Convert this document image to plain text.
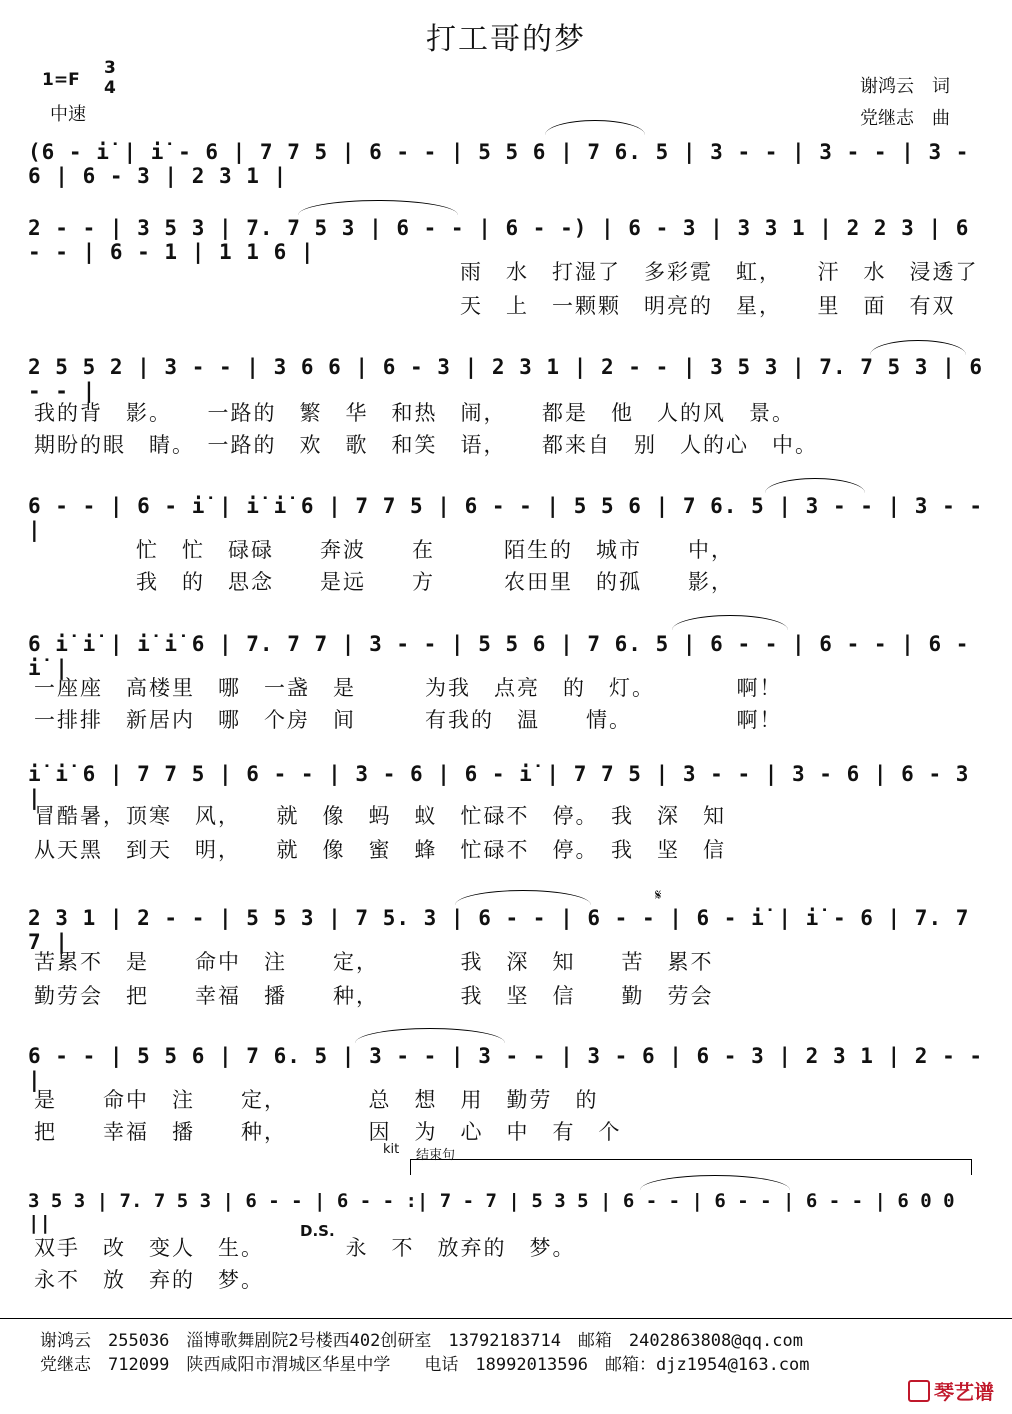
打工哥的梦
1=F
3
4
中速
谢鸿云　词
党继志　曲
(6 - i̇ | i̇ - 6 | 7 7 5 | 6 - - | 5 5 6 | 7 6. 5 | 3 - - | 3 - - | 3 - 6 | 6 - 3 | 2 3 1 |
2 - - | 3 5 3 | 7. 7 5 3 | 6 - - | 6 - -) | 6 - 3 | 3 3 1 | 2 2 3 | 6 - - | 6 - 1 | 1 1 6 |
雨　水　打湿了　多彩霓　虹，　　汗　水　浸透了
天　上　一颗颗　明亮的　星，　　里　面　有双
2 5 5 2 | 3 - - | 3 6 6 | 6 - 3 | 2 3 1 | 2 - - | 3 5 3 | 7. 7 5 3 | 6 - - |
我的背　影。　　一路的　繁　华　和热　闹，　　都是　他　人的风　景。
期盼的眼　睛。　一路的　欢　歌　和笑　语，　　都来自　别　人的心　中。
6 - - | 6 - i̇ | i̇ i̇ 6 | 7 7 5 | 6 - - | 5 5 6 | 7 6. 5 | 3 - - | 3 - - |
忙　忙　碌碌　　奔波　　在　　　陌生的　城市　　中，
我　的　思念　　是远　　方　　　农田里　的孤　　影，
6 i̇ i̇ | i̇ i̇ 6 | 7. 7 7 | 3 - - | 5 5 6 | 7 6. 5 | 6 - - | 6 - - | 6 - i̇ |
一座座　高楼里　哪　一盏　是　　　为我　点亮　的　灯。　　　　啊！
一排排　新居内　哪　个房　间　　　有我的　温　　情。　　　　　啊！
i̇ i̇ 6 | 7 7 5 | 6 - - | 3 - 6 | 6 - i̇ | 7 7 5 | 3 - - | 3 - 6 | 6 - 3 |
冒酷暑，顶寒　风，　　就　像　蚂　蚁　忙碌不　停。　我　深　知
从天黑　到天　明，　　就　像　蜜　蜂　忙碌不　停。　我　坚　信
2 3 1 | 2 - - | 5 5 3 | 7 5. 3 | 6 - - | 6 - - | 6 - i̇ | i̇ - 6 | 7. 7 7 |
苦累不　是　　命中　注　　定，　　　　我　深　知　　苦　累不
勤劳会　把　　幸福　播　　种，　　　　我　坚　信　　勤　劳会
6 - - | 5 5 6 | 7 6. 5 | 3 - - | 3 - - | 3 - 6 | 6 - 3 | 2 3 1 | 2 - - |
是　　命中　注　　定，　　　　总　想　用　勤劳　的
把　　幸福　播　　种，　　　　因　为　心　中　有　个
3 5 3 | 7. 7 5 3 | 6 - - | 6 - - :| 7 - 7 | 5 3 5 | 6 - - | 6 - - | 6 - - | 6 0 0 ||
双手　改　变人　生。　　　　永　不　放弃的　梦。
永不　放　弃的　梦。
𝄋
kit 结束句
D.S.
谢鸿云　255036　淄博歌舞剧院2号楼西402创研室　13792183714　邮箱　2402863808@qq.com
党继志　712099　陕西咸阳市渭城区华星中学　　电话　18992013596　邮箱：djz1954@163.com
琴艺谱
